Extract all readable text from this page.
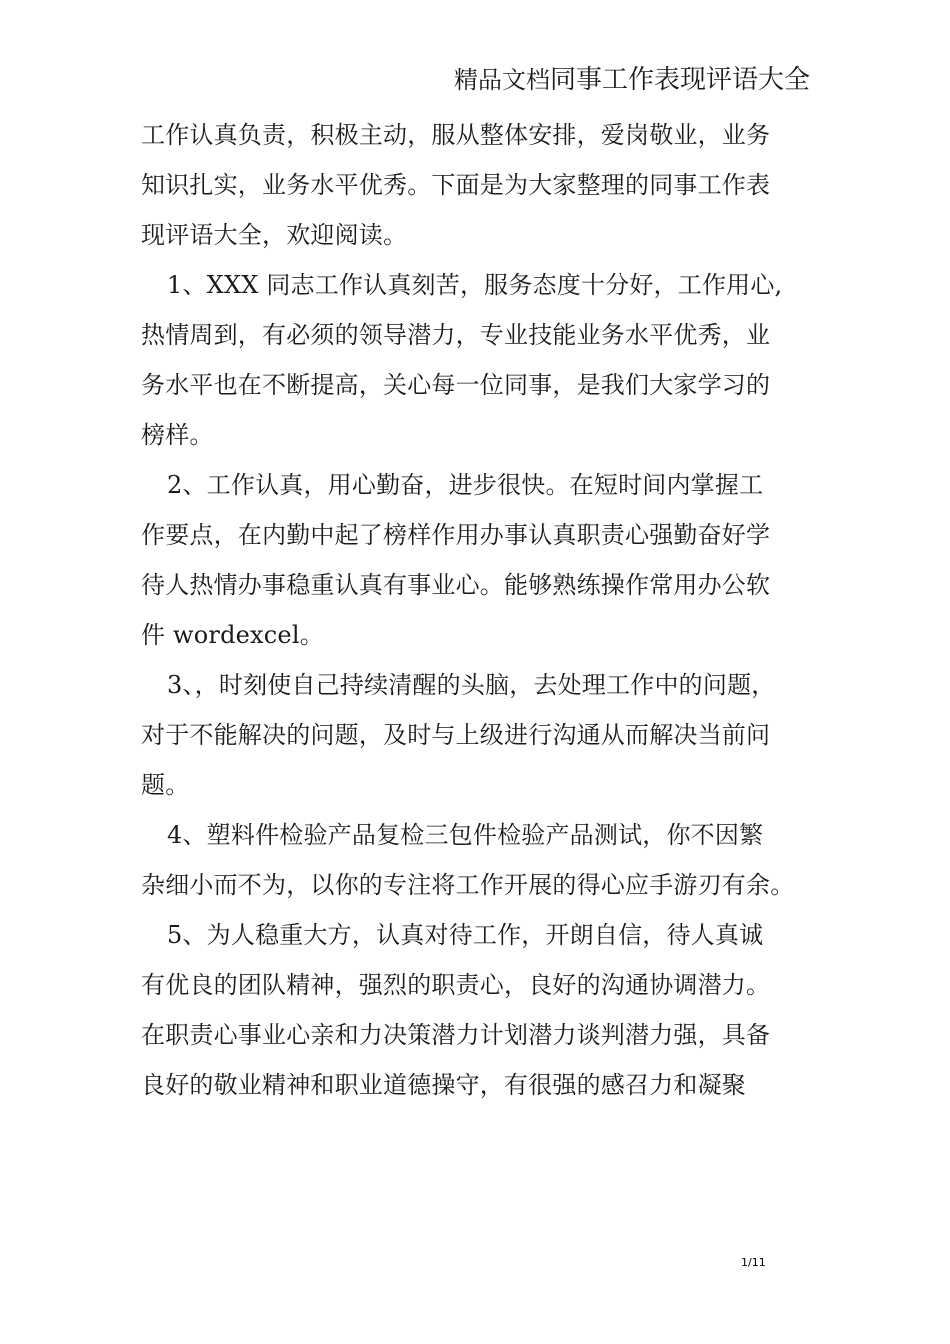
精品文档同事工作表现评语大全
工作认真负责，积极主动，服从整体安排，爱岗敬业，业务
知识扎实，业务水平优秀。下面是为大家整理的同事工作表
现评语大全，欢迎阅读。
1、XXX 同志工作认真刻苦，服务态度十分好，工作用心,
热情周到，有必须的领导潜力，专业技能业务水平优秀，业
务水平也在不断提高，关心每一位同事，是我们大家学习的
榜样。
2、工作认真，用心勤奋，进步很快。在短时间内掌握工
作要点，在内勤中起了榜样作用办事认真职责心强勤奋好学
待人热情办事稳重认真有事业心。能够熟练操作常用办公软
件 wordexcel。
3、，时刻使自己持续清醒的头脑，去处理工作中的问题，
对于不能解决的问题，及时与上级进行沟通从而解决当前问
题。
4、塑料件检验产品复检三包件检验产品测试，你不因繁
杂细小而不为，以你的专注将工作开展的得心应手游刃有余。
5、为人稳重大方，认真对待工作，开朗自信，待人真诚
有优良的团队精神，强烈的职责心，良好的沟通协调潜力。
在职责心事业心亲和力决策潜力计划潜力谈判潜力强，具备
良好的敬业精神和职业道德操守，有很强的感召力和凝聚
1/11
